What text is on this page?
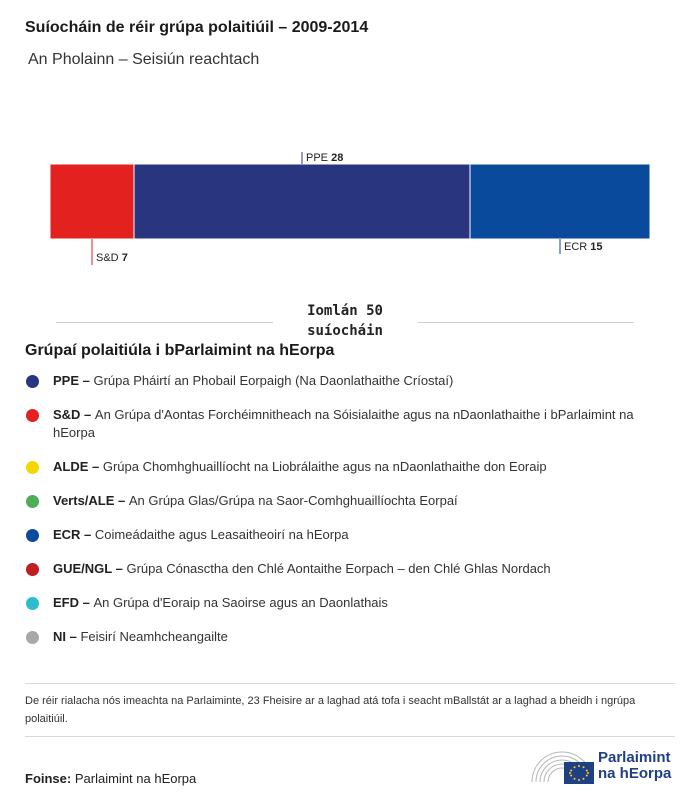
Suíocháin de réir grúpa polaitiúil – 2009-2014
An Pholainn – Seisiún reachtach
S&D 7
PPE 28
ECR 15
Iomlán 50
suíocháin
Grúpaí polaitiúla i bParlaimint na hEorpa
PPE – Grúpa Pháirtí an Phobail Eorpaigh (Na Daonlathaithe Críostaí)
S&D – An Grúpa d'Aontas Forchéimnitheach na Sóisialaithe agus na nDaonlathaithe i bParlaimint na hEorpa
ALDE – Grúpa Chomhghuaillíocht na Liobrálaithe agus na nDaonlathaithe don Eoraip
Verts/ALE – An Grúpa Glas/Grúpa na Saor-Comhghuaillíochta Eorpaí
ECR – Coimeádaithe agus Leasaitheoirí na hEorpa
GUE/NGL – Grúpa Cónasctha den Chlé Aontaithe Eorpach – den Chlé Ghlas Nordach
EFD – An Grúpa d'Eoraip na Saoirse agus an Daonlathais
NI – Feisirí Neamhcheangailte
De réir rialacha nós imeachta na Parlaiminte, 23 Fheisire ar a laghad atá tofa i seacht mBallstát ar a laghad a bheidh i ngrúpa polaitiúil.
Foinse: Parlaimint na hEorpa
Parlaimint
na hEorpa
